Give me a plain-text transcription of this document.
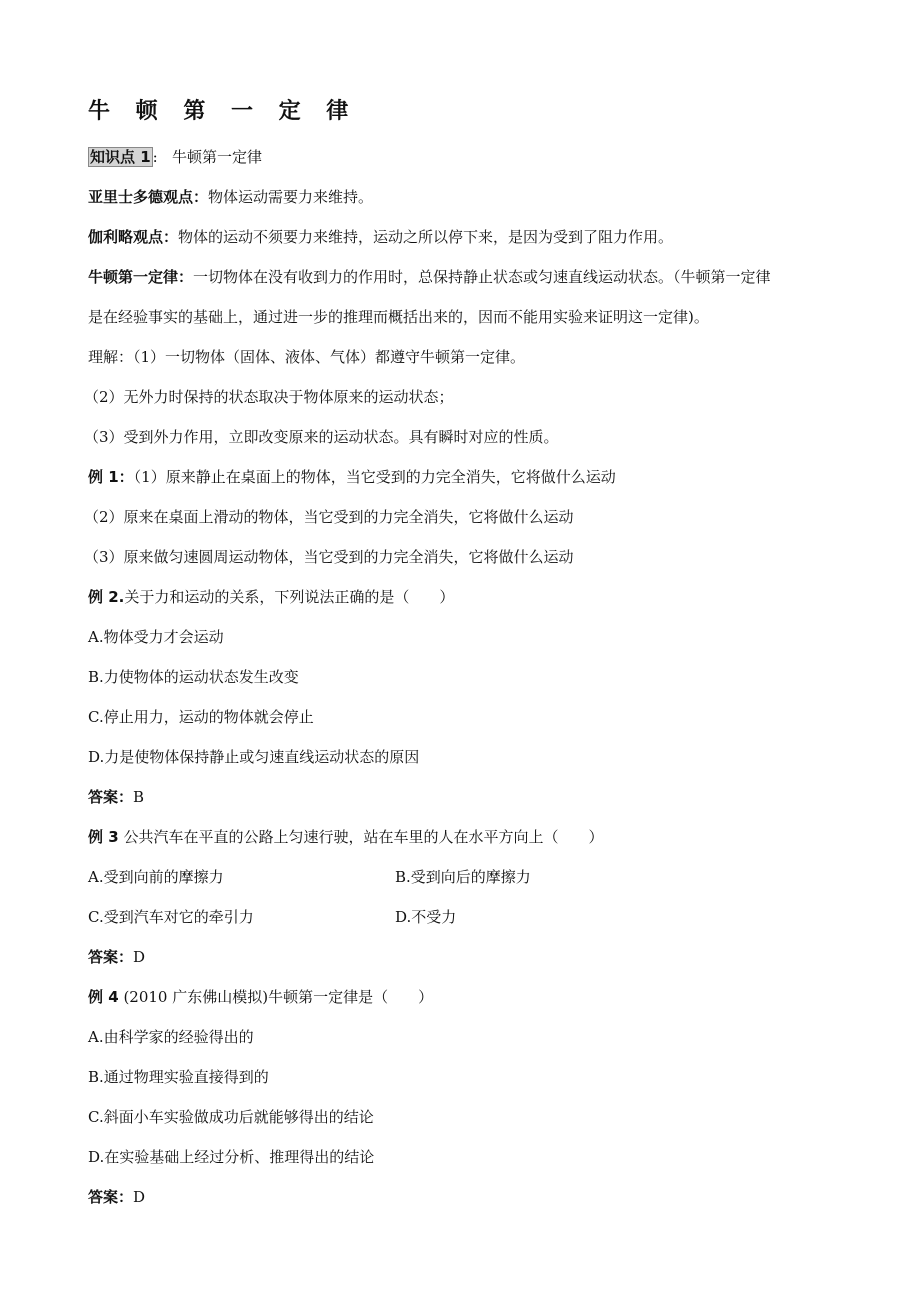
牛 顿 第 一 定 律
知识点 1 : 牛顿第一定律
亚里士多德观点：物体运动需要力来维持。
伽利略观点：物体的运动不须要力来维持，运动之所以停下来，是因为受到了阻力作用。
牛顿第一定律：一切物体在没有收到力的作用时，总保持静止状态或匀速直线运动状态。（牛顿第一定律
是在经验事实的基础上，通过进一步的推理而概括出来的，因而不能用实验来证明这一定律)。
理解：（1）一切物体（固体、液体、气体）都遵守牛顿第一定律。
（2）无外力时保持的状态取决于物体原来的运动状态；
（3）受到外力作用，立即改变原来的运动状态。具有瞬时对应的性质。
例 1：（1）原来静止在桌面上的物体，当它受到的力完全消失，它将做什么运动
（2）原来在桌面上滑动的物体，当它受到的力完全消失，它将做什么运动
（3）原来做匀速圆周运动物体，当它受到的力完全消失，它将做什么运动
例 2.关于力和运动的关系，下列说法正确的是（　　）
A.物体受力才会运动
B.力使物体的运动状态发生改变
C.停止用力，运动的物体就会停止
D.力是使物体保持静止或匀速直线运动状态的原因
答案：B
例 3 公共汽车在平直的公路上匀速行驶，站在车里的人在水平方向上（　　）
A.受到向前的摩擦力	B.受到向后的摩擦力
C.受到汽车对它的牵引力	D.不受力
答案：D
例 4 (2010 广东佛山模拟)牛顿第一定律是（　　）
A.由科学家的经验得出的
B.通过物理实验直接得到的
C.斜面小车实验做成功后就能够得出的结论
D.在实验基础上经过分析、推理得出的结论
答案：D
